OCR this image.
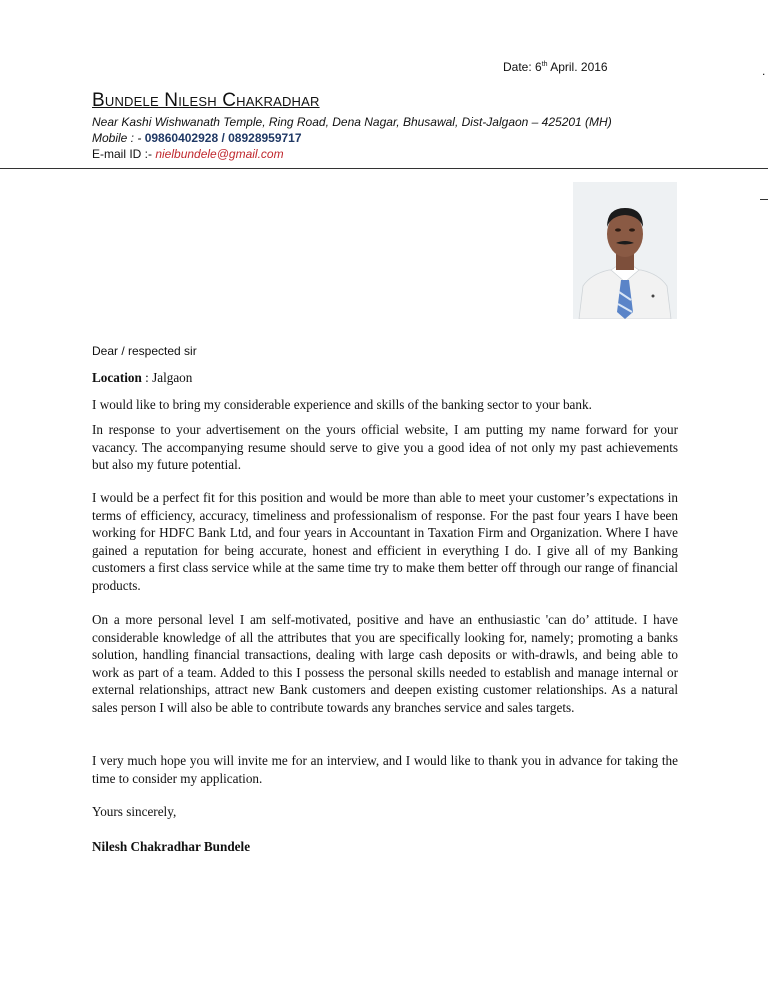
Date: 6th April. 2016	.
Bundele Nilesh Chakradhar
Near Kashi Wishwanath Temple, Ring Road, Dena Nagar, Bhusawal, Dist-Jalgaon – 425201 (MH)
Mobile : - 09860402928 / 08928959717
E-mail ID :- nielbundele@gmail.com
Dear / respected sir
Location : Jalgaon
I would like to bring my considerable experience and skills of the banking sector to your bank.
In response to your advertisement on the yours official website, I am putting my name forward for your vacancy. The accompanying resume should serve to give you a good idea of not only my past achievements but also my future potential.
I would be a perfect fit for this position and would be more than able to meet your customer’s expectations in terms of efficiency, accuracy, timeliness and professionalism of response. For the past four years I have been working for HDFC Bank Ltd, and four years in Accountant in Taxation Firm and Organization. Where I have gained a reputation for being accurate, honest and efficient in everything I do. I give all of my Banking customers a first class service while at the same time try to make them better off through our range of financial products.
On a more personal level I am self-motivated, positive and have an enthusiastic 'can do’ attitude. I have considerable knowledge of all the attributes that you are specifically looking for, namely; promoting a banks solution, handling financial transactions, dealing with large cash deposits or with-drawls, and being able to work as part of a team. Added to this I possess the personal skills needed to establish and manage internal or external relationships, attract new Bank customers and deepen existing customer relationships. As a natural sales person I will also be able to contribute towards any branches service and sales targets.
I very much hope you will invite me for an interview, and I would like to thank you in advance for taking the time to consider my application.
Yours sincerely,
Nilesh Chakradhar Bundele
